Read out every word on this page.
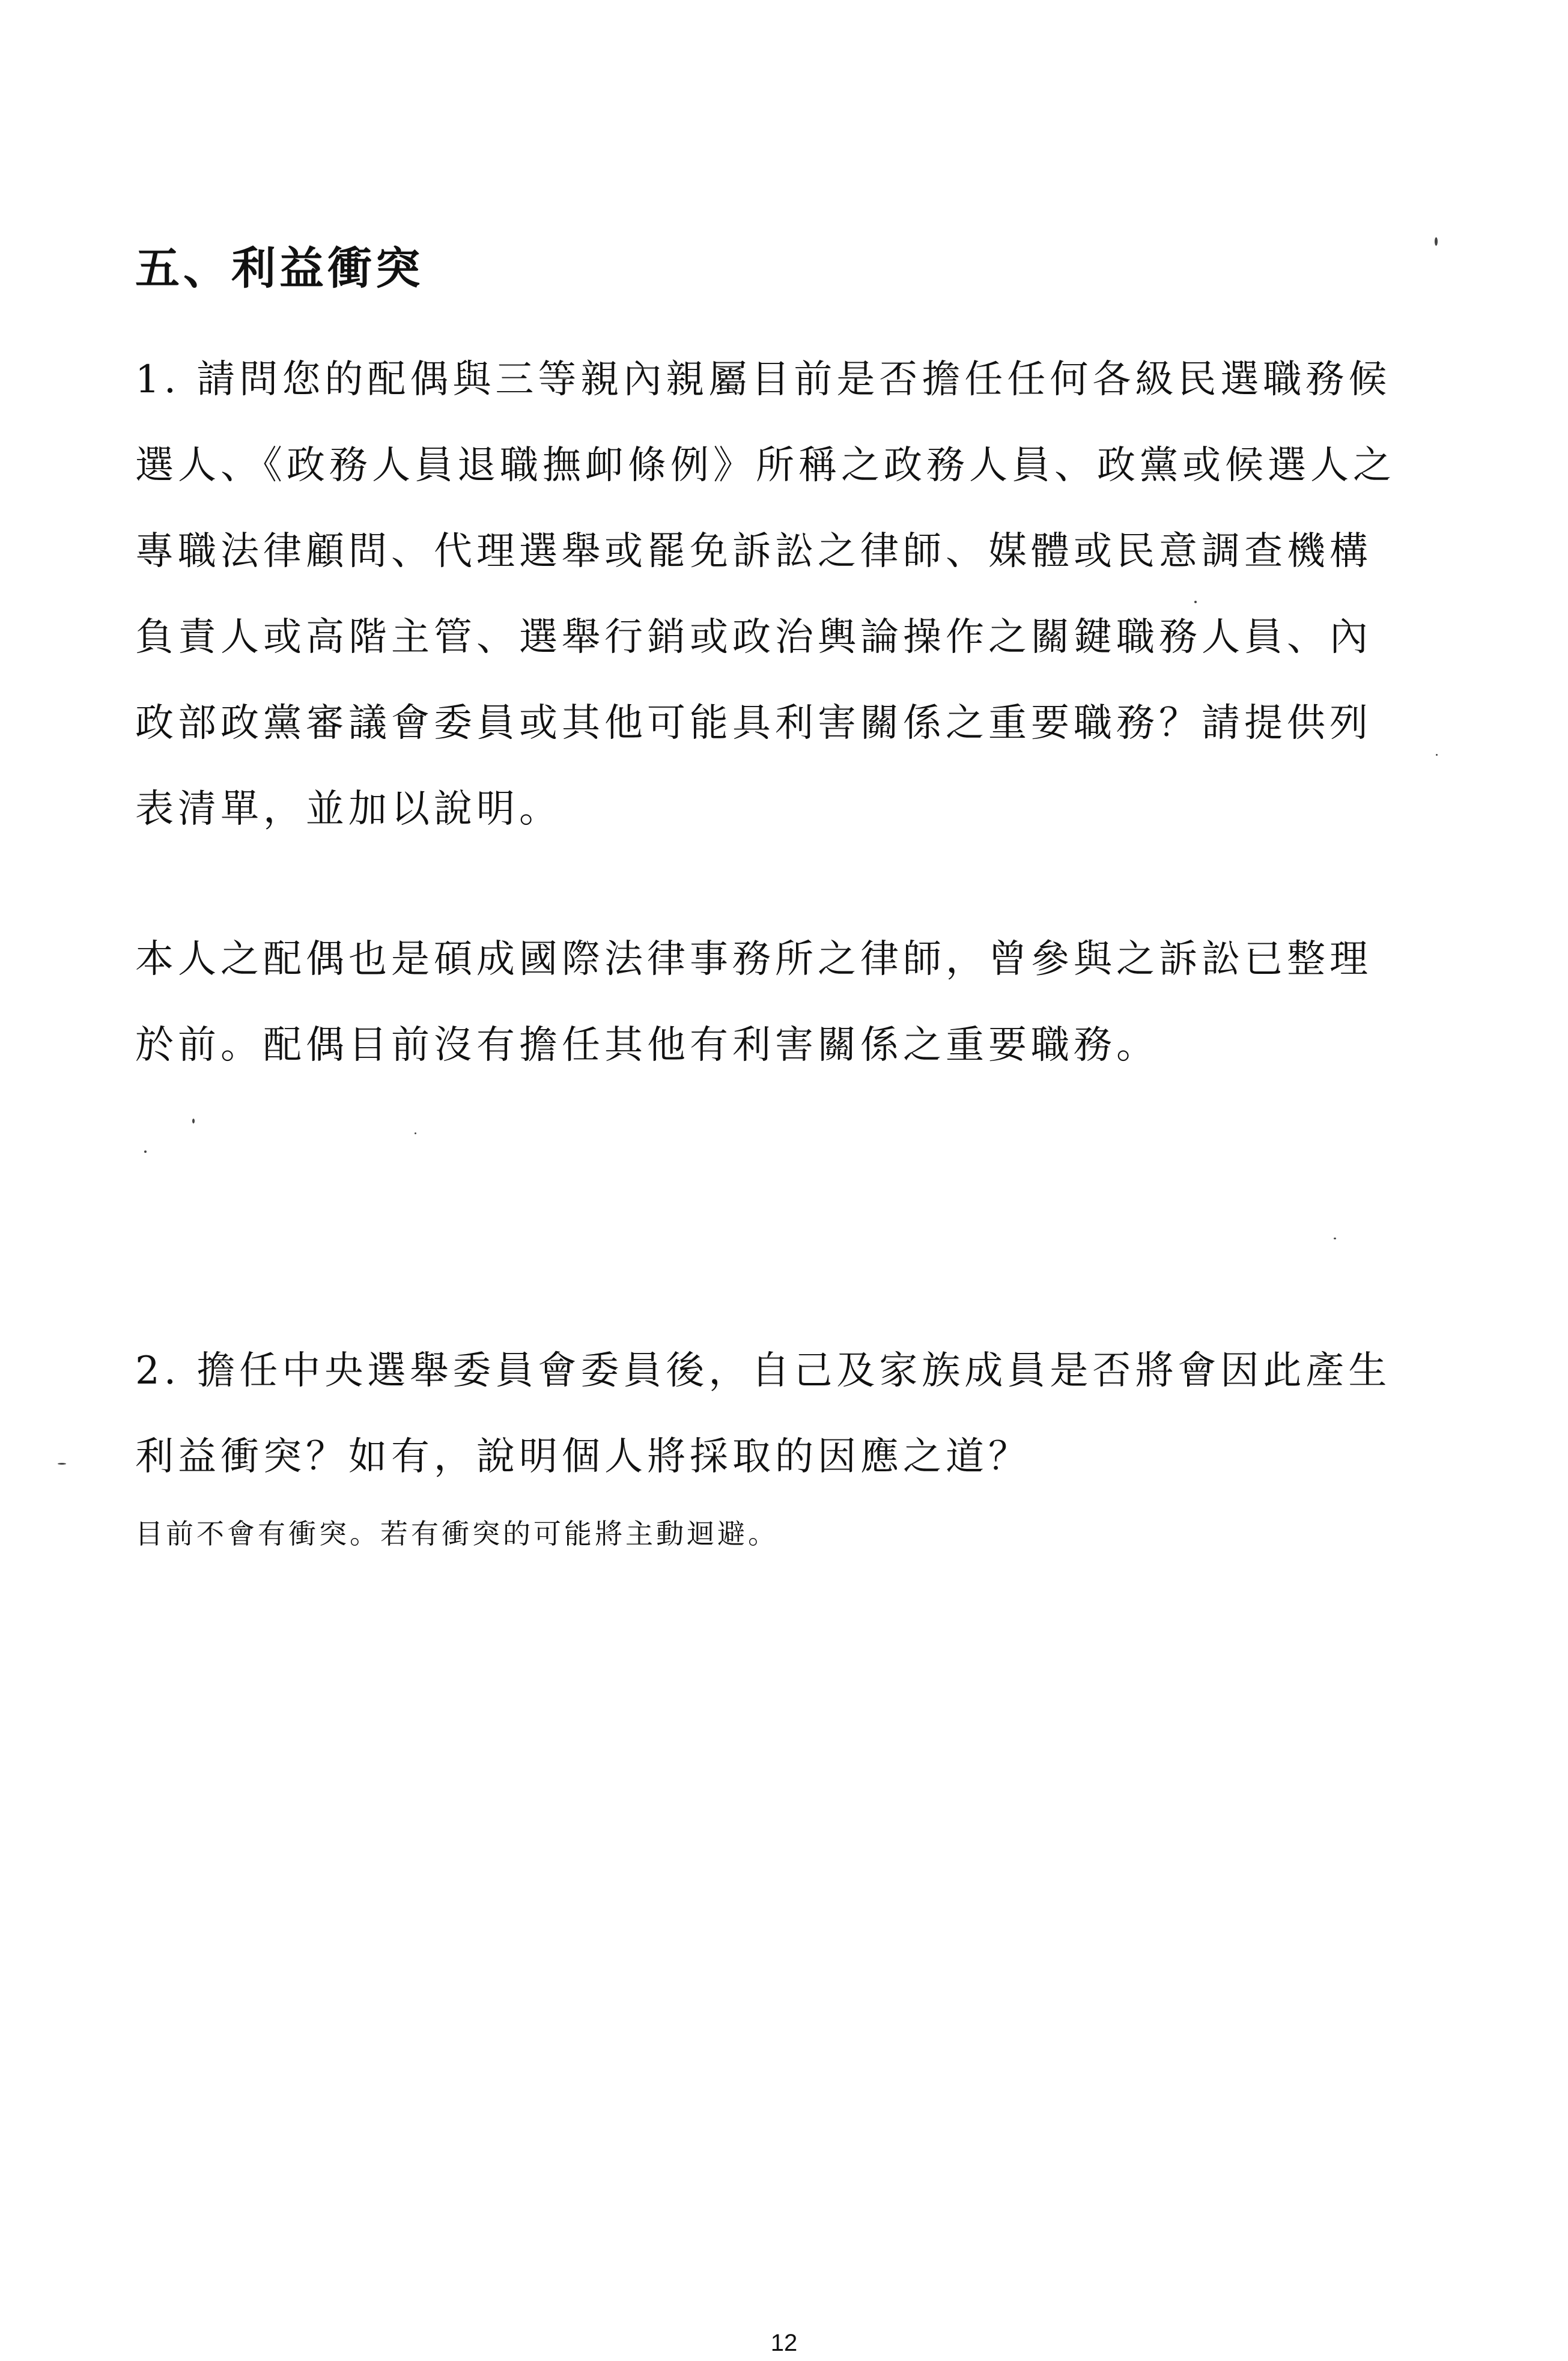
五、利益衝突
1. 請問您的配偶與三等親內親屬目前是否擔任任何各級民選職務候
選人、《政務人員退職撫卹條例》所稱之政務人員、政黨或候選人之
專職法律顧問、代理選舉或罷免訴訟之律師、媒體或民意調查機構
負責人或高階主管、選舉行銷或政治輿論操作之關鍵職務人員、內
政部政黨審議會委員或其他可能具利害關係之重要職務？請提供列
表清單，並加以說明。
本人之配偶也是碩成國際法律事務所之律師，曾參與之訴訟已整理
於前。配偶目前沒有擔任其他有利害關係之重要職務。
2. 擔任中央選舉委員會委員後，自己及家族成員是否將會因此產生
利益衝突？如有，說明個人將採取的因應之道？
目前不會有衝突。若有衝突的可能將主動迴避。
12
